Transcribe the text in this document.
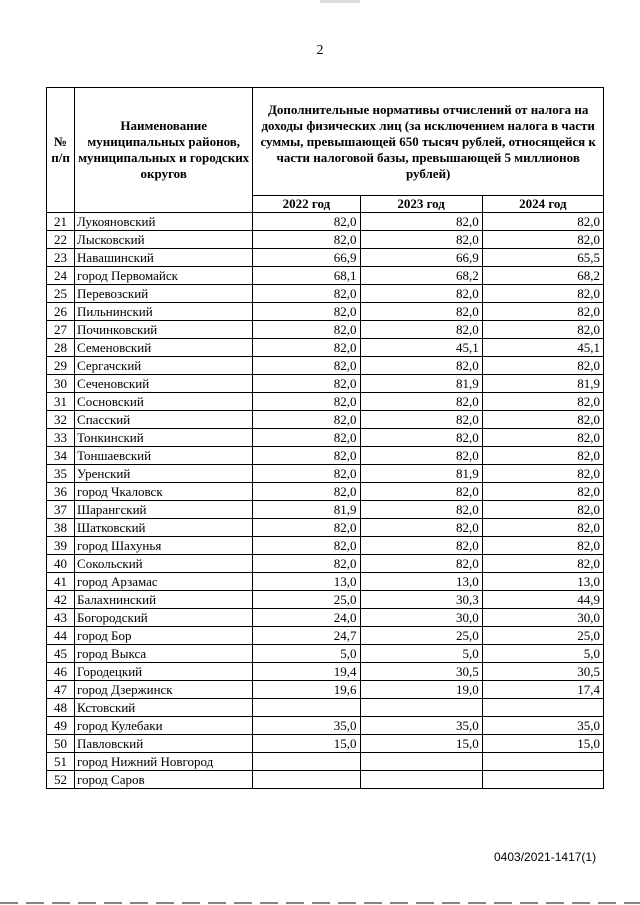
2
№ п/п	Наименование муниципальных районов, муниципальных и городских округов	Дополнительные нормативы отчислений от налога на доходы физических лиц (за исключением налога в части суммы, превышающей 650 тысяч рублей, относящейся к части налоговой базы, превышающей 5 миллионов рублей)		
		2022 год	2023 год	2024 год
21	Лукояновский	82,0	82,0	82,0
22	Лысковский	82,0	82,0	82,0
23	Навашинский	66,9	66,9	65,5
24	город Первомайск	68,1	68,2	68,2
25	Перевозский	82,0	82,0	82,0
26	Пильнинский	82,0	82,0	82,0
27	Починковский	82,0	82,0	82,0
28	Семеновский	82,0	45,1	45,1
29	Сергачский	82,0	82,0	82,0
30	Сеченовский	82,0	81,9	81,9
31	Сосновский	82,0	82,0	82,0
32	Спасский	82,0	82,0	82,0
33	Тонкинский	82,0	82,0	82,0
34	Тоншаевский	82,0	82,0	82,0
35	Уренский	82,0	81,9	82,0
36	город Чкаловск	82,0	82,0	82,0
37	Шарангский	81,9	82,0	82,0
38	Шатковский	82,0	82,0	82,0
39	город Шахунья	82,0	82,0	82,0
40	Сокольский	82,0	82,0	82,0
41	город Арзамас	13,0	13,0	13,0
42	Балахнинский	25,0	30,3	44,9
43	Богородский	24,0	30,0	30,0
44	город Бор	24,7	25,0	25,0
45	город Выкса	5,0	5,0	5,0
46	Городецкий	19,4	30,5	30,5
47	город Дзержинск	19,6	19,0	17,4
48	Кстовский			
49	город Кулебаки	35,0	35,0	35,0
50	Павловский	15,0	15,0	15,0
51	город Нижний Новгород			
52	город Саров			
0403/2021-1417(1)
